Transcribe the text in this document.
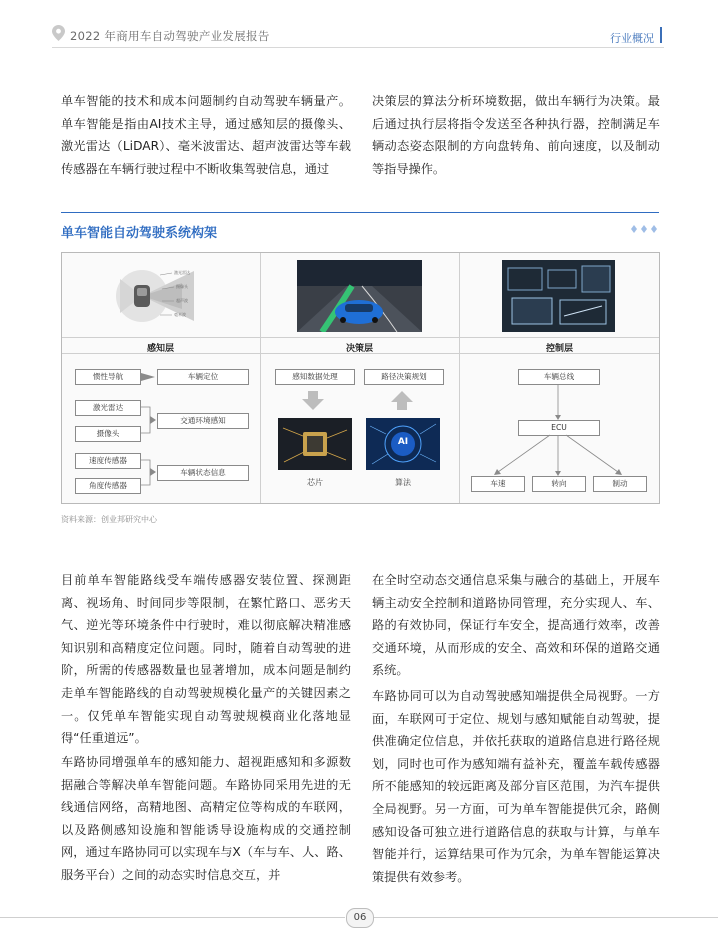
2022 年商用车自动驾驶产业发展报告	行业概况

单车智能的技术和成本问题制约自动驾驶车辆量产。单车智能是指由AI技术主导，通过感知层的摄像头、激光雷达（LiDAR）、毫米波雷达、超声波雷达等车载传感器在车辆行驶过程中不断收集驾驶信息，通过

决策层的算法分析环境数据，做出车辆行为决策。最后通过执行层将指令发送至各种执行器，控制满足车辆动态姿态限制的方向盘转角、前向速度，以及制动等指导操作。

单车智能自动驾驶系统构架
激光雷达
摄像头
超声波
毫米波
感知层	决策层	控制层
惯性导航
激光雷达
摄像头
速度传感器
角度传感器
车辆定位
交通环境感知
车辆状态信息
感知数据处理	路径决策规划
AI
芯片	算法
车辆总线
ECU
车速	转向	制动
资料来源：创业邦研究中心

目前单车智能路线受车端传感器安装位置、探测距离、视场角、时间同步等限制，在繁忙路口、恶劣天气、逆光等环境条件中行驶时，难以彻底解决精准感知识别和高精度定位问题。同时，随着自动驾驶的进阶，所需的传感器数量也显著增加，成本问题是制约走单车智能路线的自动驾驶规模化量产的关键因素之一。仅凭单车智能实现自动驾驶规模商业化落地显得“任重道远”。

车路协同增强单车的感知能力、超视距感知和多源数据融合等解决单车智能问题。车路协同采用先进的无线通信网络，高精地图、高精定位等构成的车联网，以及路侧感知设施和智能诱导设施构成的交通控制网，通过车路协同可以实现车与X（车与车、人、路、服务平台）之间的动态实时信息交互，并

在全时空动态交通信息采集与融合的基础上，开展车辆主动安全控制和道路协同管理，充分实现人、车、路的有效协同，保证行车安全，提高通行效率，改善交通环境，从而形成的安全、高效和环保的道路交通系统。

车路协同可以为自动驾驶感知端提供全局视野。一方面，车联网可于定位、规划与感知赋能自动驾驶，提供准确定位信息，并依托获取的道路信息进行路径规划，同时也可作为感知端有益补充，覆盖车载传感器所不能感知的较远距离及部分盲区范围，为汽车提供全局视野。另一方面，可为单车智能提供冗余，路侧感知设备可独立进行道路信息的获取与计算，与单车智能并行，运算结果可作为冗余，为单车智能运算决策提供有效参考。

06
